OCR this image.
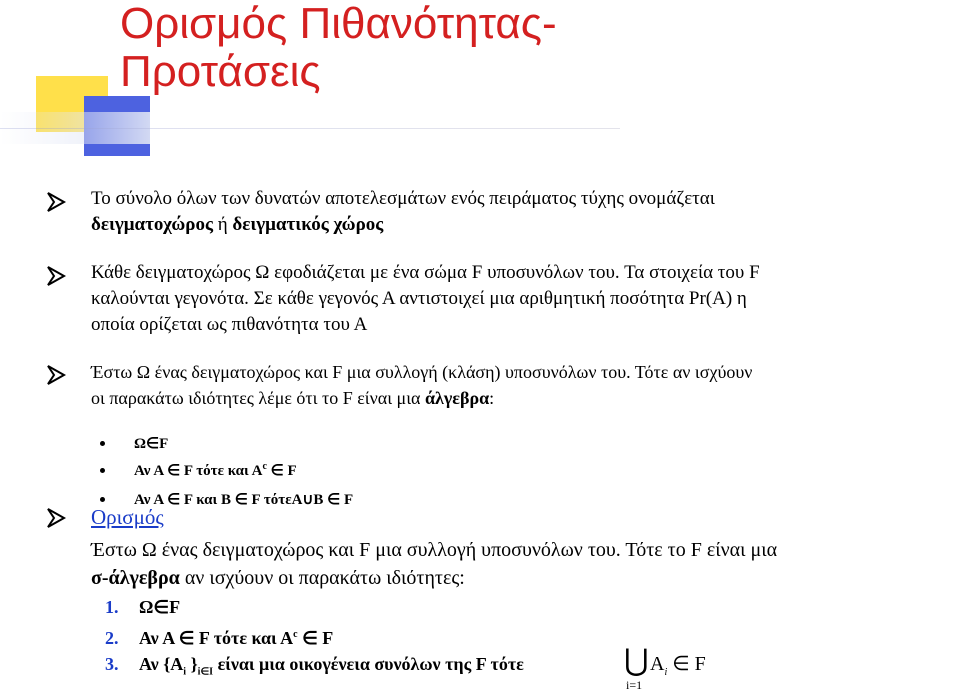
Ορισμός Πιθανότητας-
Προτάσεις
Το σύνολο όλων των δυνατών αποτελεσμάτων ενός πειράματος τύχης ονομάζεται
δειγματοχώρος ή δειγματικός χώρος
Κάθε δειγματοχώρος Ω εφοδιάζεται με ένα σώμα F υποσυνόλων του. Τα στοιχεία του F
καλούνται γεγονότα. Σε κάθε γεγονός Α αντιστοιχεί μια αριθμητική ποσότητα Pr(A) η
οποία ορίζεται ως πιθανότητα του Α
Έστω Ω ένας δειγματοχώρος και F μια συλλογή (κλάση) υποσυνόλων του. Τότε αν ισχύουν
οι παρακάτω ιδιότητες λέμε ότι το F είναι μια άλγεβρα:
Ω∈F
Αν Α ∈ F τότε και $A^c$ ∈ F
Αν Α ∈ F και Β ∈ F τότεΑ∪Β ∈ F
Ορισμός
Έστω Ω ένας δειγματοχώρος και F μια συλλογή υποσυνόλων του. Τότε το F είναι μια
σ-άλγεβρα αν ισχύουν οι παρακάτω ιδιότητες:
1. Ω∈F
2. Αν Α ∈ F τότε και $A^c$ ∈ F
3. Αν {$A_i$ }$_{i\in I}$ είναι μια οικογένεια συνόλων της F τότε	⋃
i=1
$A_i$ ∈ F
